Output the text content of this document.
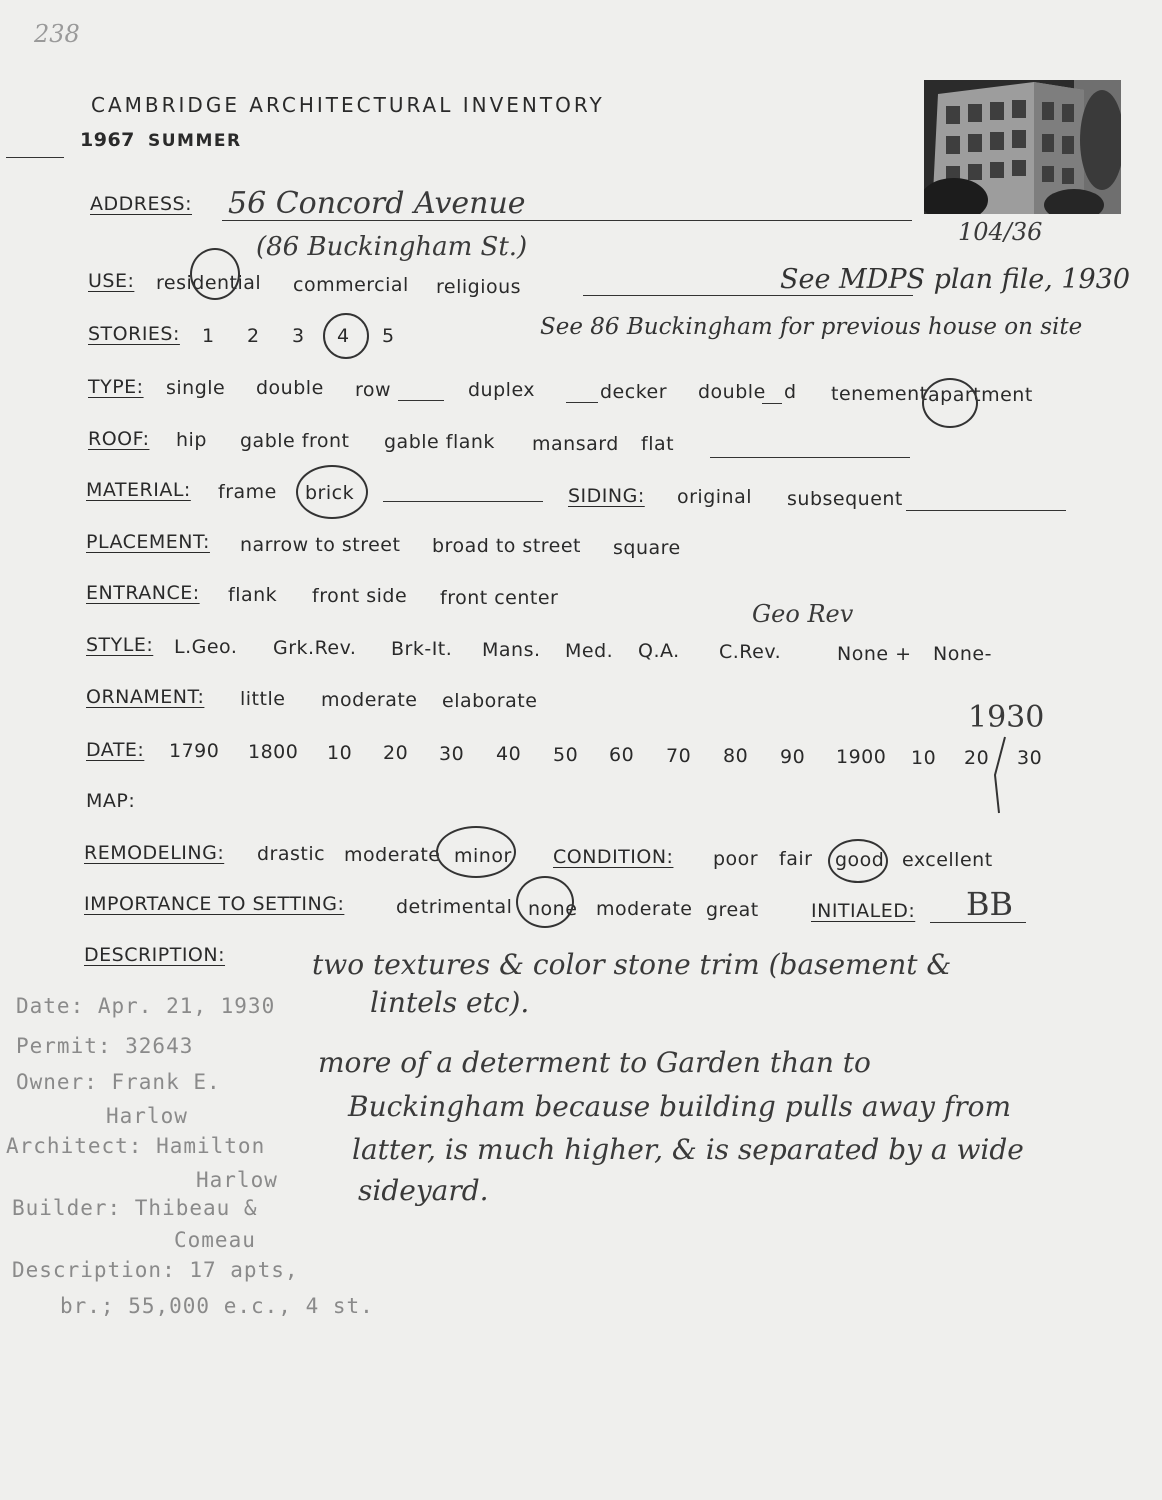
238
CAMBRIDGE ARCHITECTURAL INVENTORY
1967 SUMMER
104/36
ADDRESS: 56 Concord Avenue
(86 Buckingham St.)
USE: residential commercial religious	See MDPS plan file, 1930
STORIES: 1 2 3 4 5	See 86 Buckingham for previous house on site
TYPE: single double row	duplex	decker double d tenement apartment
ROOF: hip gable front gable flank mansard flat
MATERIAL: frame brick	SIDING: original subsequent
PLACEMENT: narrow to street broad to street square
ENTRANCE: flank front side front center
Geo Rev
STYLE: L.Geo. Grk.Rev. Brk-It. Mans. Med. Q.A. C.Rev.	None + None-
ORNAMENT: little moderate elaborate	1930
DATE: 1790 1800 10 20 30 40 50 60 70 80 90 1900 10 20 30
MAP:
REMODELING: drastic moderate minor CONDITION: poor fair good excellent
IMPORTANCE TO SETTING:	detrimental none moderate great	INITIALED: BB
DESCRIPTION:	two textures & color stone trim (basement &
lintels etc).
more of a determent to Garden than to
Buckingham because building pulls away from
latter, is much higher, & is separated by a wide
sideyard.
Date: Apr. 21, 1930
Permit: 32643
Owner: Frank E.
Harlow
Architect: Hamilton
Harlow
Builder: Thibeau &
Comeau
Description: 17 apts,
br.; 55,000 e.c., 4 st.
